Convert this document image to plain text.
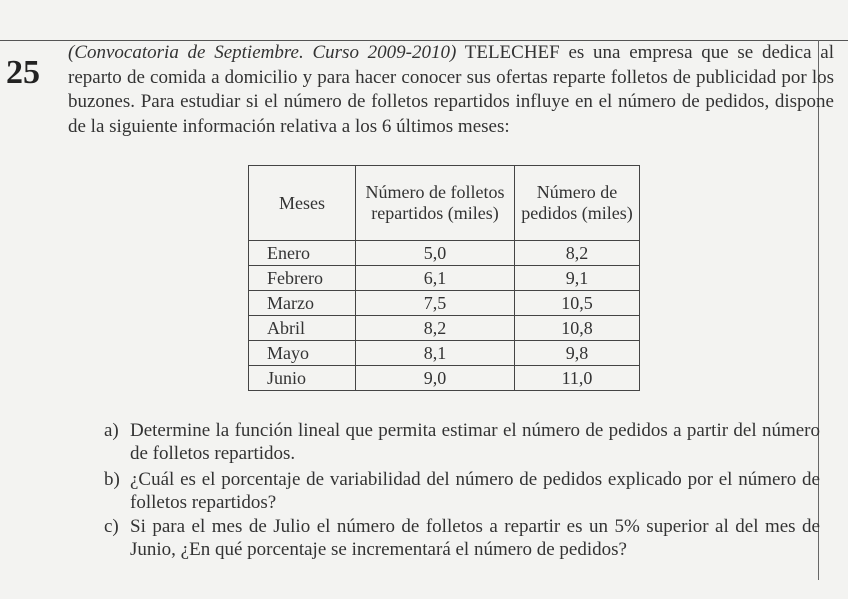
25
(Convocatoria de Septiembre. Curso 2009-2010) TELECHEF es una empresa que se dedica al reparto de comida a domicilio y para hacer conocer sus ofertas reparte folletos de publicidad por los buzones. Para estudiar si el número de folletos repartidos influye en el número de pedidos, dispone de la siguiente información relativa a los 6 últimos meses:
Meses	Número de folletos repartidos (miles)	Número de pedidos (miles)
Enero	5,0	8,2
Febrero	6,1	9,1
Marzo	7,5	10,5
Abril	8,2	10,8
Mayo	8,1	9,8
Junio	9,0	11,0
a) Determine la función lineal que permita estimar el número de pedidos a partir del número de folletos repartidos.
b) ¿Cuál es el porcentaje de variabilidad del número de pedidos explicado por el número de folletos repartidos?
c) Si para el mes de Julio el número de folletos a repartir es un 5% superior al del mes de Junio, ¿En qué porcentaje se incrementará el número de pedidos?
